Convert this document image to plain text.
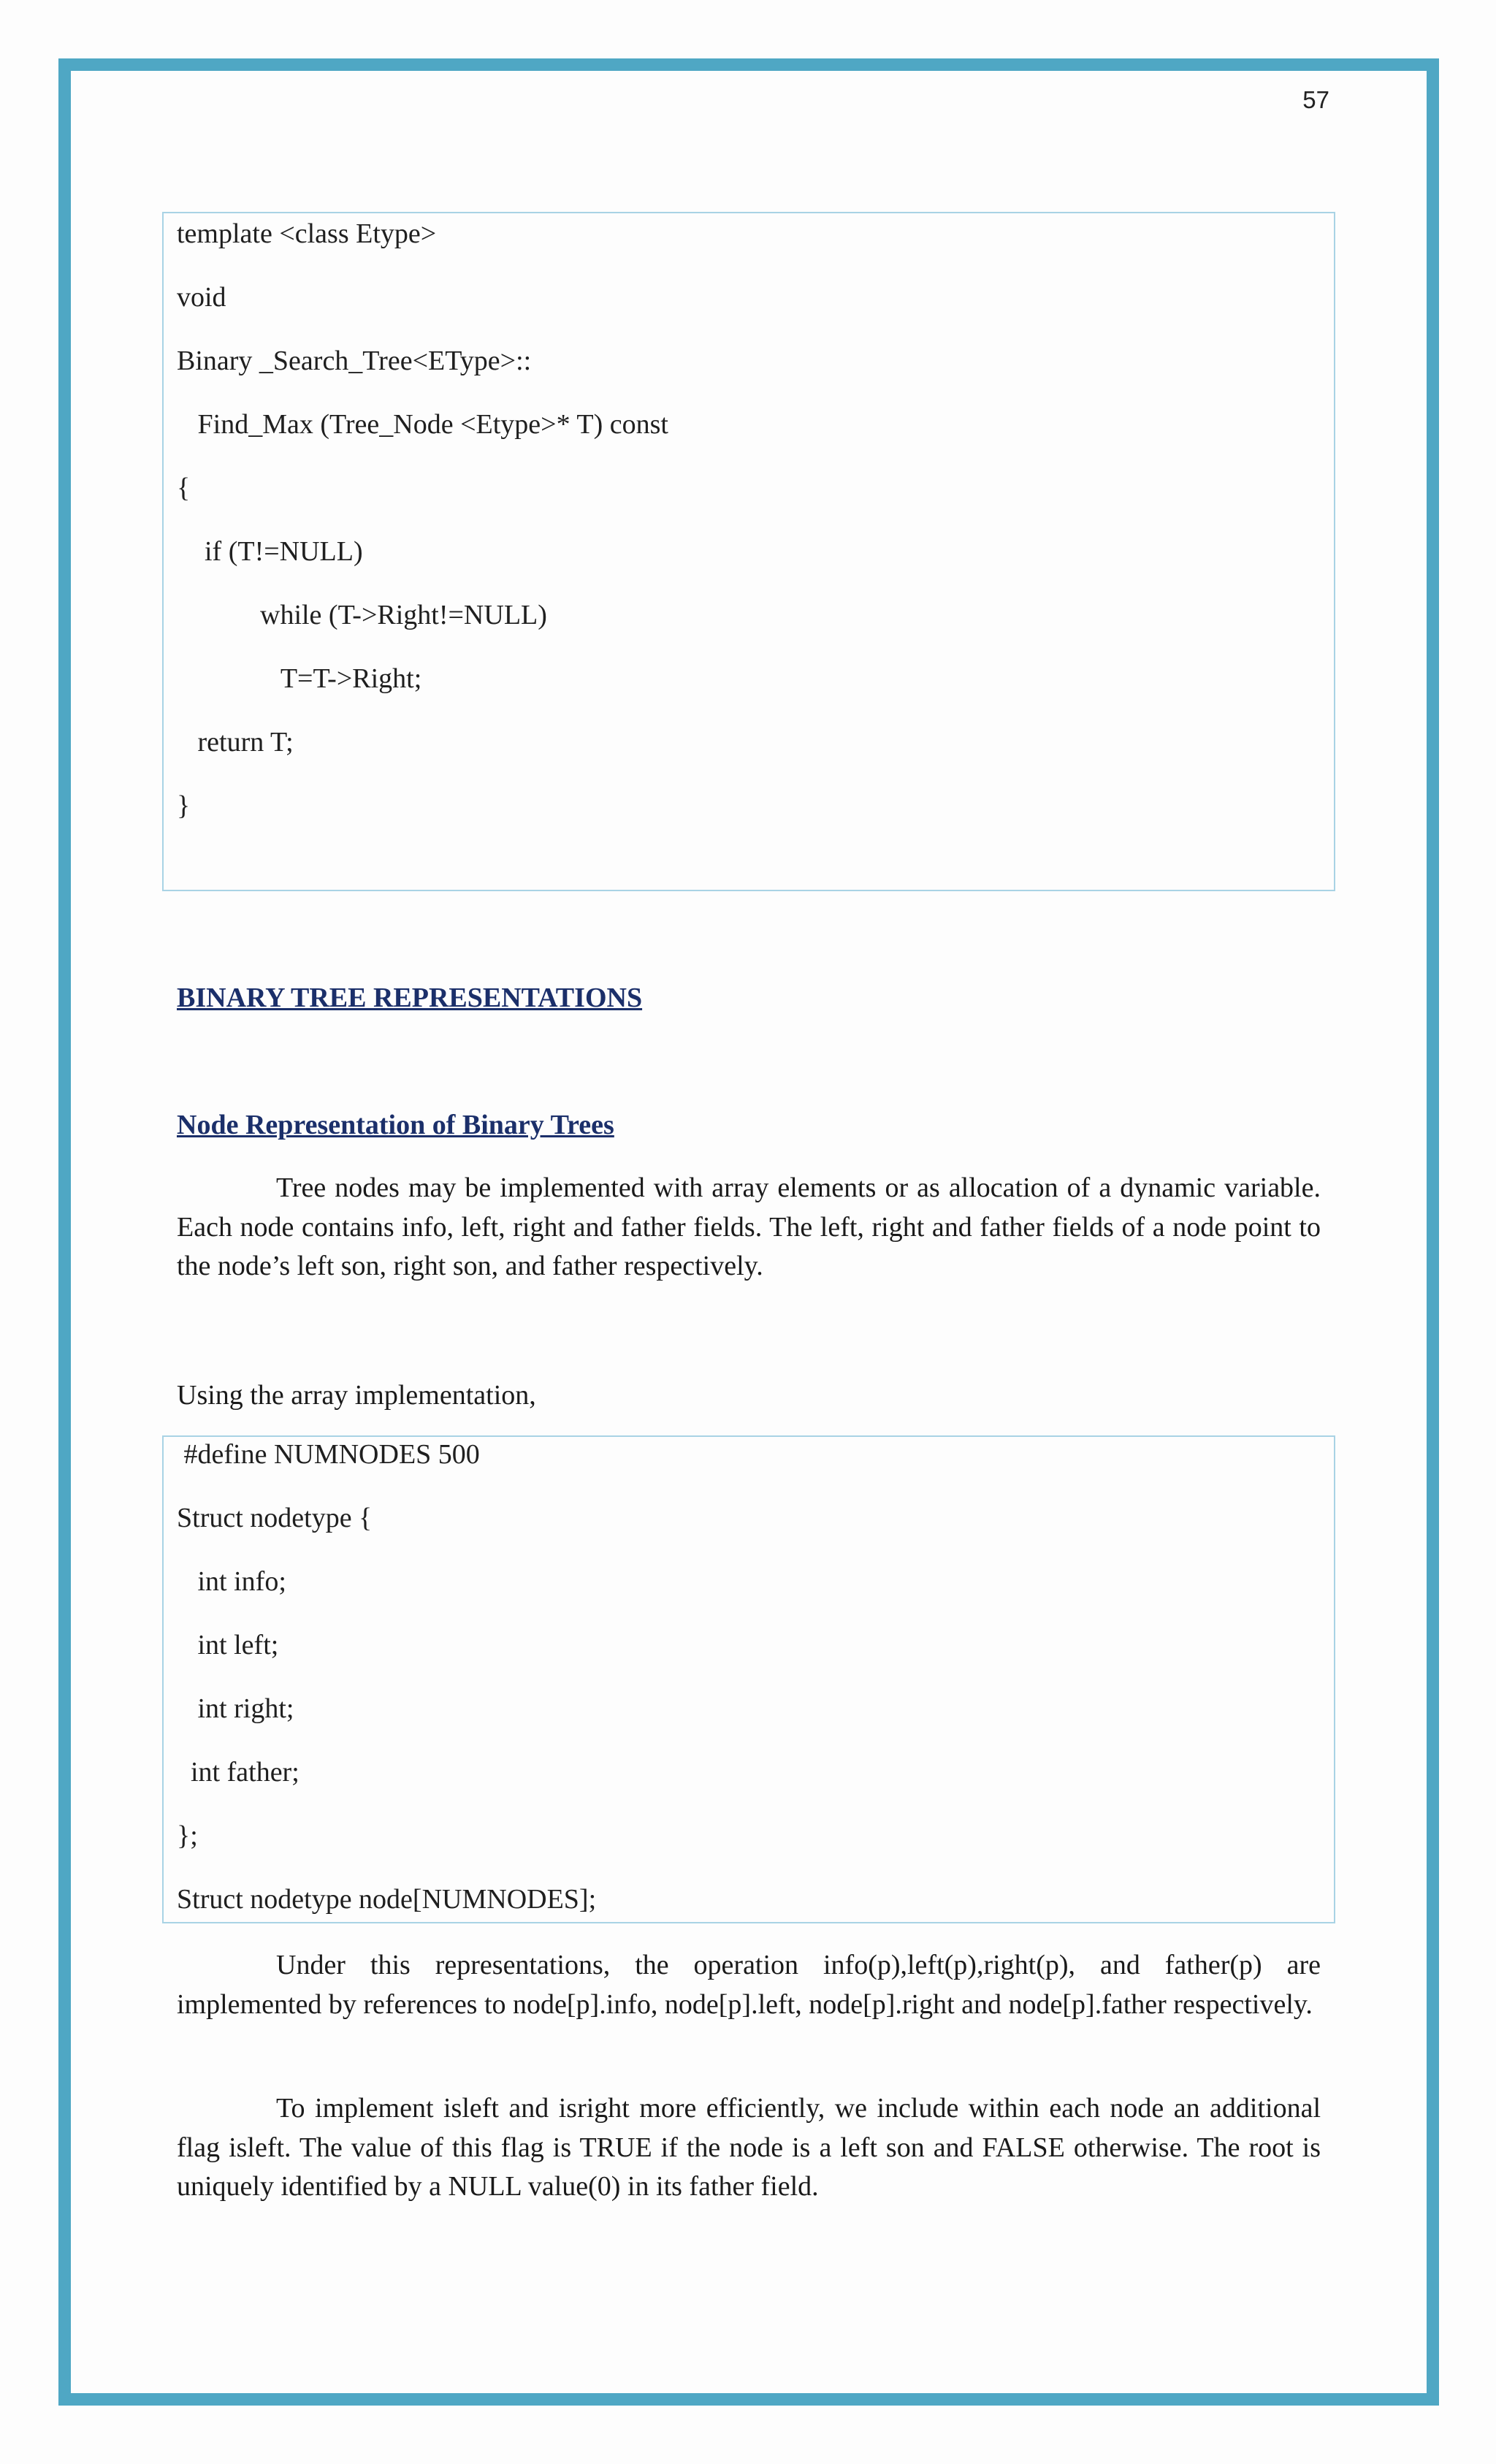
57
template <class Etype>
void
Binary _Search_Tree<EType>::
Find_Max (Tree_Node <Etype>* T) const
{
if (T!=NULL)
while (T->Right!=NULL)
T=T->Right;
return T;
}
BINARY TREE REPRESENTATIONS
Node Representation of Binary Trees
Tree nodes may be implemented with array elements or as allocation of a dynamic variable. Each node contains info, left, right and father fields. The left, right and father fields of a node point to the node’s left son, right son, and father respectively.
Using the array implementation,
#define NUMNODES 500
Struct nodetype {
int info;
int left;
int right;
int father;
};
Struct nodetype node[NUMNODES];
Under this representations, the operation info(p),left(p),right(p), and father(p) are implemented by references to node[p].info, node[p].left, node[p].right and node[p].father respectively.
To implement isleft and isright more efficiently, we include within each node an additional flag isleft. The value of this flag is TRUE if the node is a left son and FALSE otherwise. The root is uniquely identified by a NULL value(0) in its father field.
